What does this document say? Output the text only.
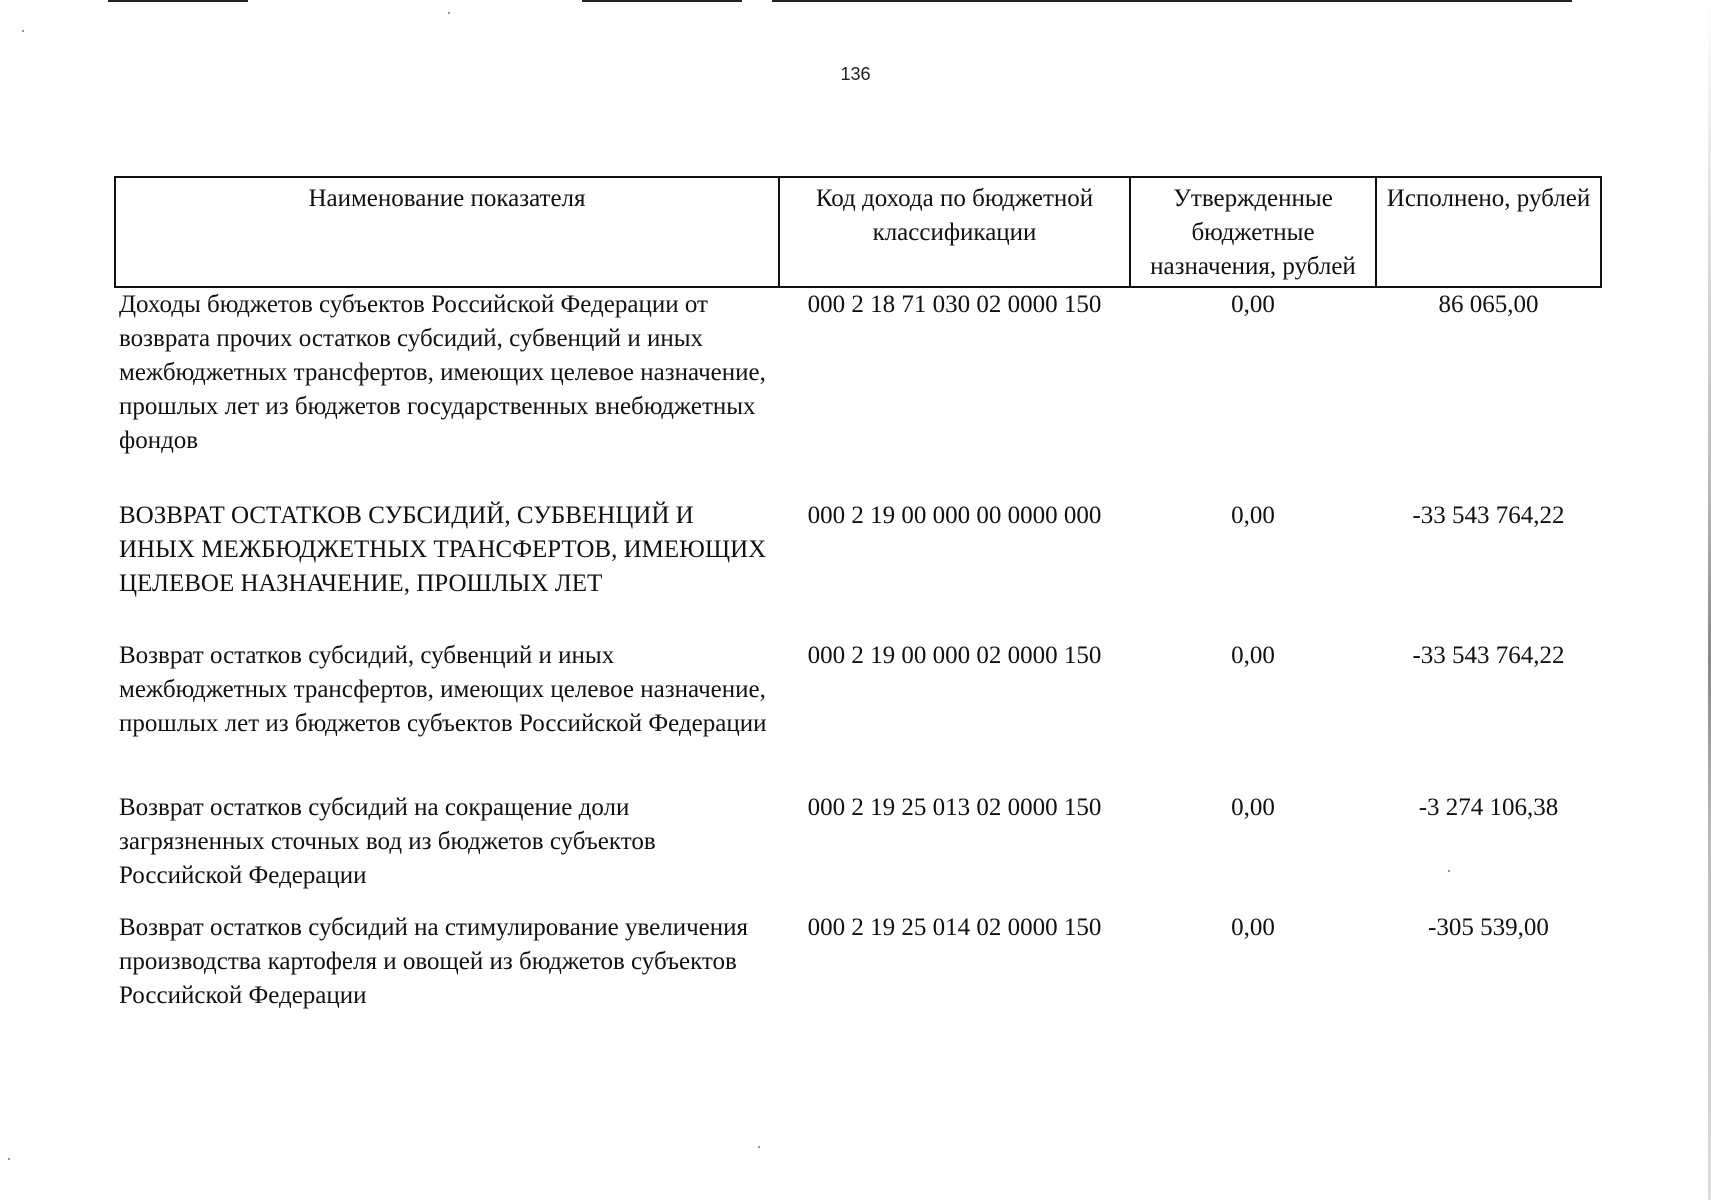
136
Наименование показателя	Код дохода по бюджетной классификации	Утвержденные бюджетные назначения, рублей	Исполнено, рублей
Доходы бюджетов субъектов Российской Федерации от возврата прочих остатков субсидий, субвенций и иных межбюджетных трансфертов, имеющих целевое назначение, прошлых лет из бюджетов государственных внебюджетных фондов	000 2 18 71 030 02 0000 150	0,00	86 065,00
ВОЗВРАТ ОСТАТКОВ СУБСИДИЙ, СУБВЕНЦИЙ И ИНЫХ МЕЖБЮДЖЕТНЫХ ТРАНСФЕРТОВ, ИМЕЮЩИХ ЦЕЛЕВОЕ НАЗНАЧЕНИЕ, ПРОШЛЫХ ЛЕТ	000 2 19 00 000 00 0000 000	0,00	-33 543 764,22
Возврат остатков субсидий, субвенций и иных межбюджетных трансфертов, имеющих целевое назначение, прошлых лет из бюджетов субъектов Российской Федерации	000 2 19 00 000 02 0000 150	0,00	-33 543 764,22
Возврат остатков субсидий на сокращение доли загрязненных сточных вод из бюджетов субъектов Российской Федерации	000 2 19 25 013 02 0000 150	0,00	-3 274 106,38
Возврат остатков субсидий на стимулирование увеличения производства картофеля и овощей из бюджетов субъектов Российской Федерации	000 2 19 25 014 02 0000 150	0,00	-305 539,00
